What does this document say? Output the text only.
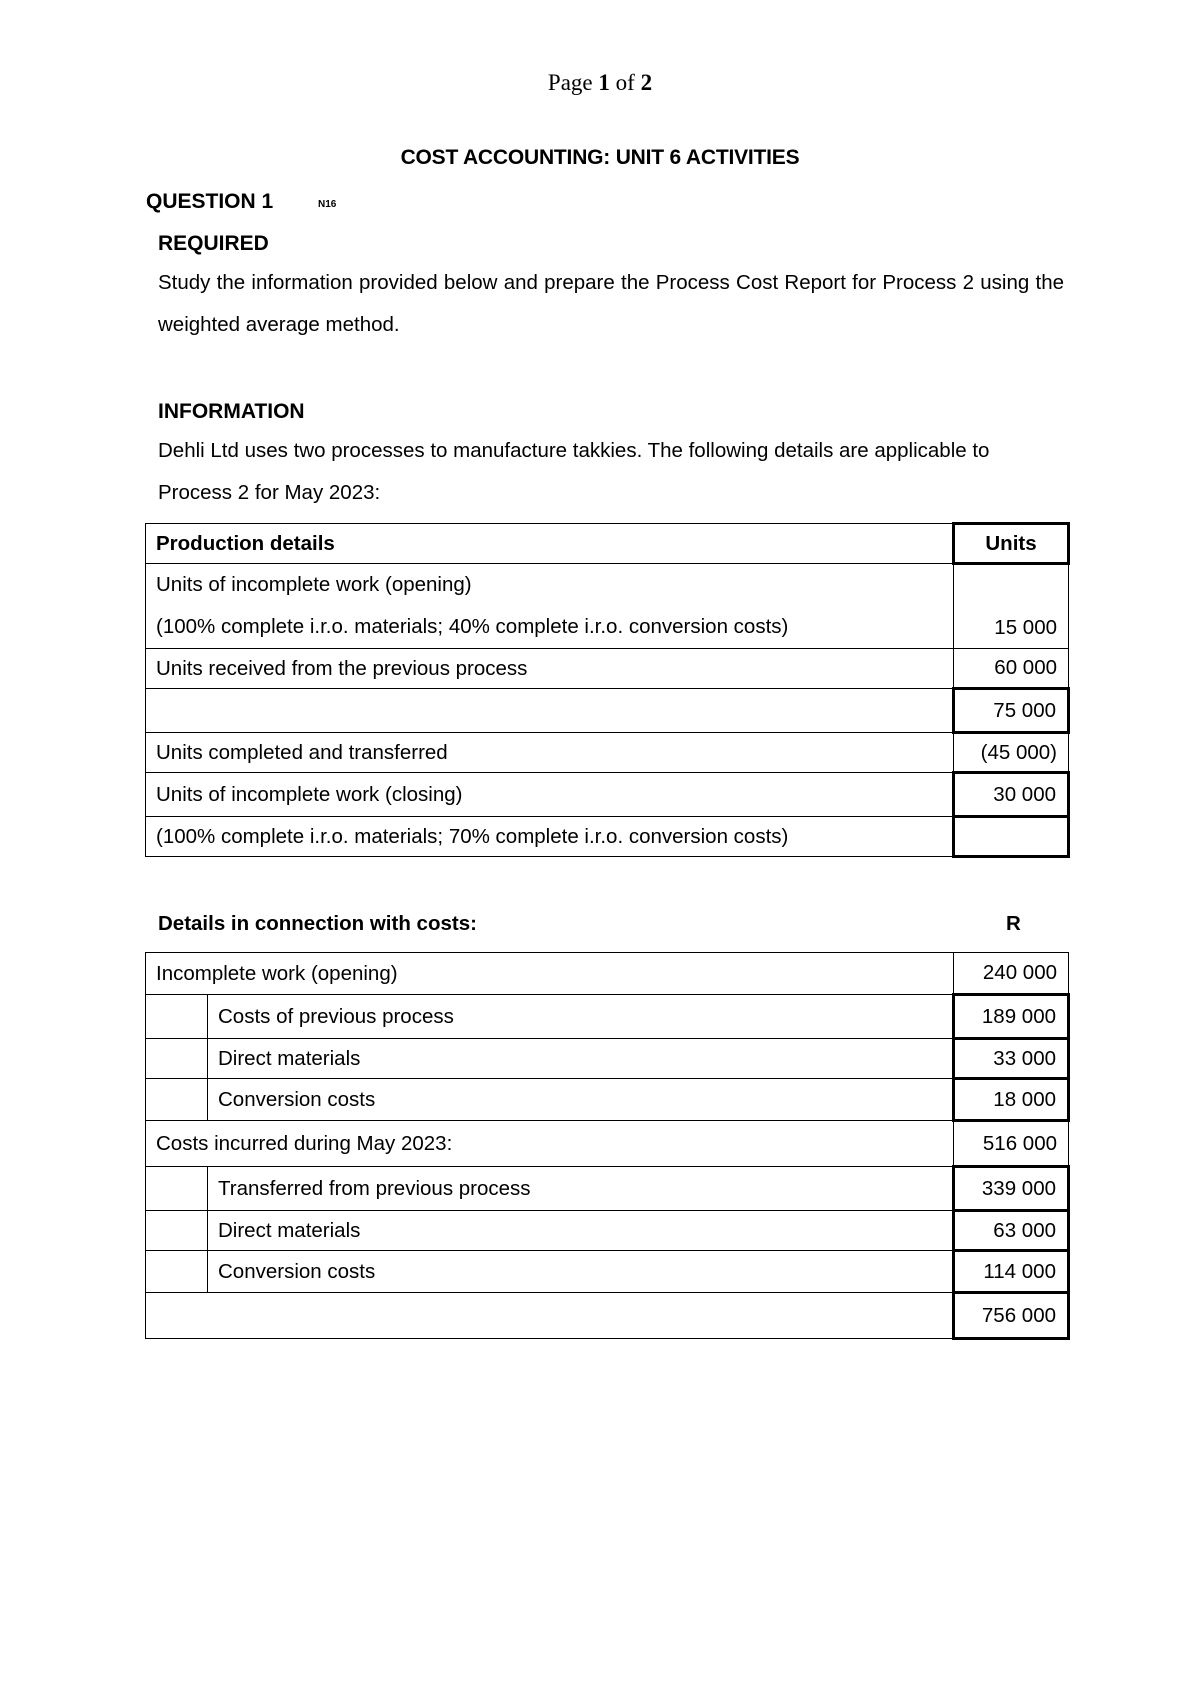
Page 1 of 2
COST ACCOUNTING: UNIT 6 ACTIVITIES
QUESTION 1	N16
REQUIRED
Study the information provided below and prepare the Process Cost Report for Process 2 using the weighted average method.
INFORMATION
Dehli Ltd uses two processes to manufacture takkies. The following details are applicable to Process 2 for May 2023:
Production details	Units

Units of incomplete work (opening)
(100% complete i.r.o. materials; 40% complete i.r.o. conversion costs)	15 000
Units received from the previous process	60 000
	75 000
Units completed and transferred	(45 000)
Units of incomplete work (closing)	30 000
(100% complete i.r.o. materials; 70% complete i.r.o. conversion costs)	
Details in connection with costs:	R
Incomplete work (opening)		240 000
	Costs of previous process	189 000
	Direct materials	33 000
	Conversion costs	18 000
Costs incurred during May 2023:		516 000
	Transferred from previous process	339 000
	Direct materials	63 000
	Conversion costs	114 000
		756 000
